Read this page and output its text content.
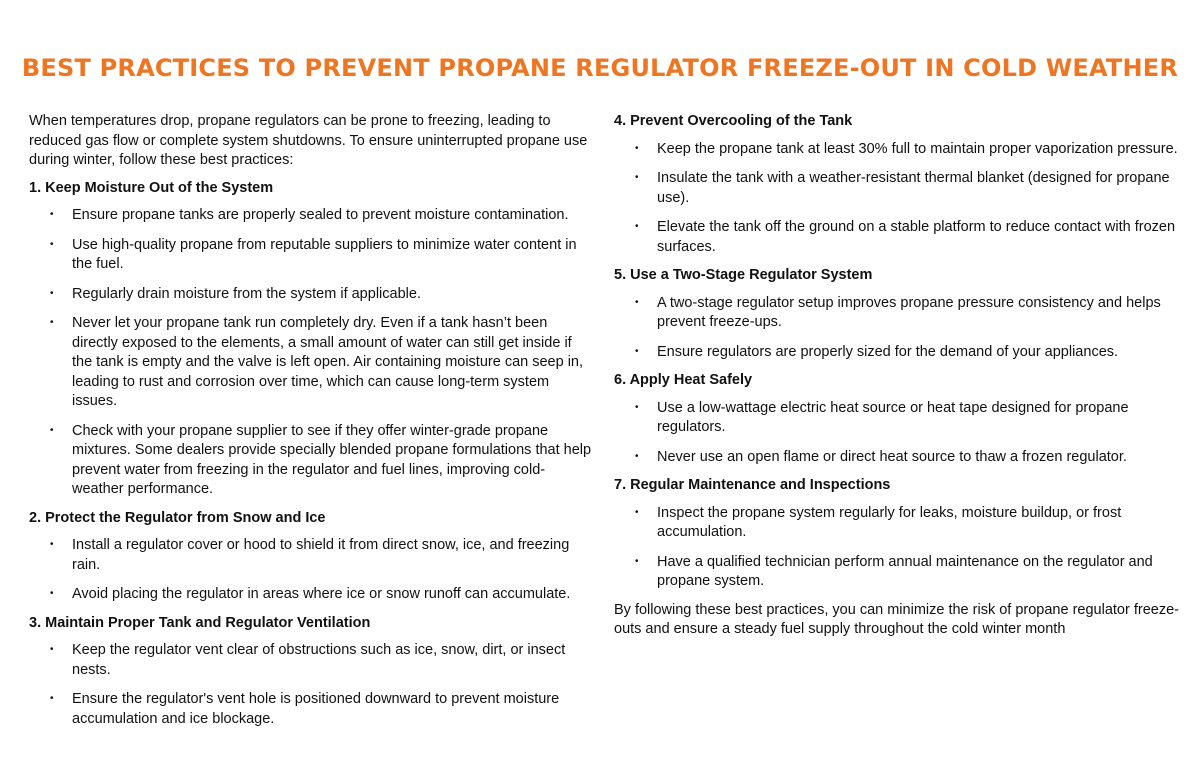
BEST PRACTICES TO PREVENT PROPANE REGULATOR FREEZE-OUT IN COLD WEATHER

When temperatures drop, propane regulators can be prone to freezing, leading to reduced gas flow or complete system shutdowns. To ensure uninterrupted propane use during winter, follow these best practices:

1. Keep Moisture Out of the System
• Ensure propane tanks are properly sealed to prevent moisture contamination.
• Use high-quality propane from reputable suppliers to minimize water content in the fuel.
• Regularly drain moisture from the system if applicable.
• Never let your propane tank run completely dry. Even if a tank hasn’t been directly exposed to the elements, a small amount of water can still get inside if the tank is empty and the valve is left open. Air containing moisture can seep in, leading to rust and corrosion over time, which can cause long-term system issues.
• Check with your propane supplier to see if they offer winter-grade propane mixtures. Some dealers provide specially blended propane formulations that help prevent water from freezing in the regulator and fuel lines, improving cold-weather performance.
2. Protect the Regulator from Snow and Ice
• Install a regulator cover or hood to shield it from direct snow, ice, and freezing rain.
• Avoid placing the regulator in areas where ice or snow runoff can accumulate.
3. Maintain Proper Tank and Regulator Ventilation
• Keep the regulator vent clear of obstructions such as ice, snow, dirt, or insect nests.
• Ensure the regulator's vent hole is positioned downward to prevent moisture accumulation and ice blockage.
4. Prevent Overcooling of the Tank
• Keep the propane tank at least 30% full to maintain proper vaporization pressure.
• Insulate the tank with a weather-resistant thermal blanket (designed for propane use).
• Elevate the tank off the ground on a stable platform to reduce contact with frozen surfaces.
5. Use a Two-Stage Regulator System
• A two-stage regulator setup improves propane pressure consistency and helps prevent freeze-ups.
• Ensure regulators are properly sized for the demand of your appliances.
6. Apply Heat Safely
• Use a low-wattage electric heat source or heat tape designed for propane regulators.
• Never use an open flame or direct heat source to thaw a frozen regulator.
7. Regular Maintenance and Inspections
• Inspect the propane system regularly for leaks, moisture buildup, or frost accumulation.
• Have a qualified technician perform annual maintenance on the regulator and propane system.

By following these best practices, you can minimize the risk of propane regulator freeze-outs and ensure a steady fuel supply throughout the cold winter month
